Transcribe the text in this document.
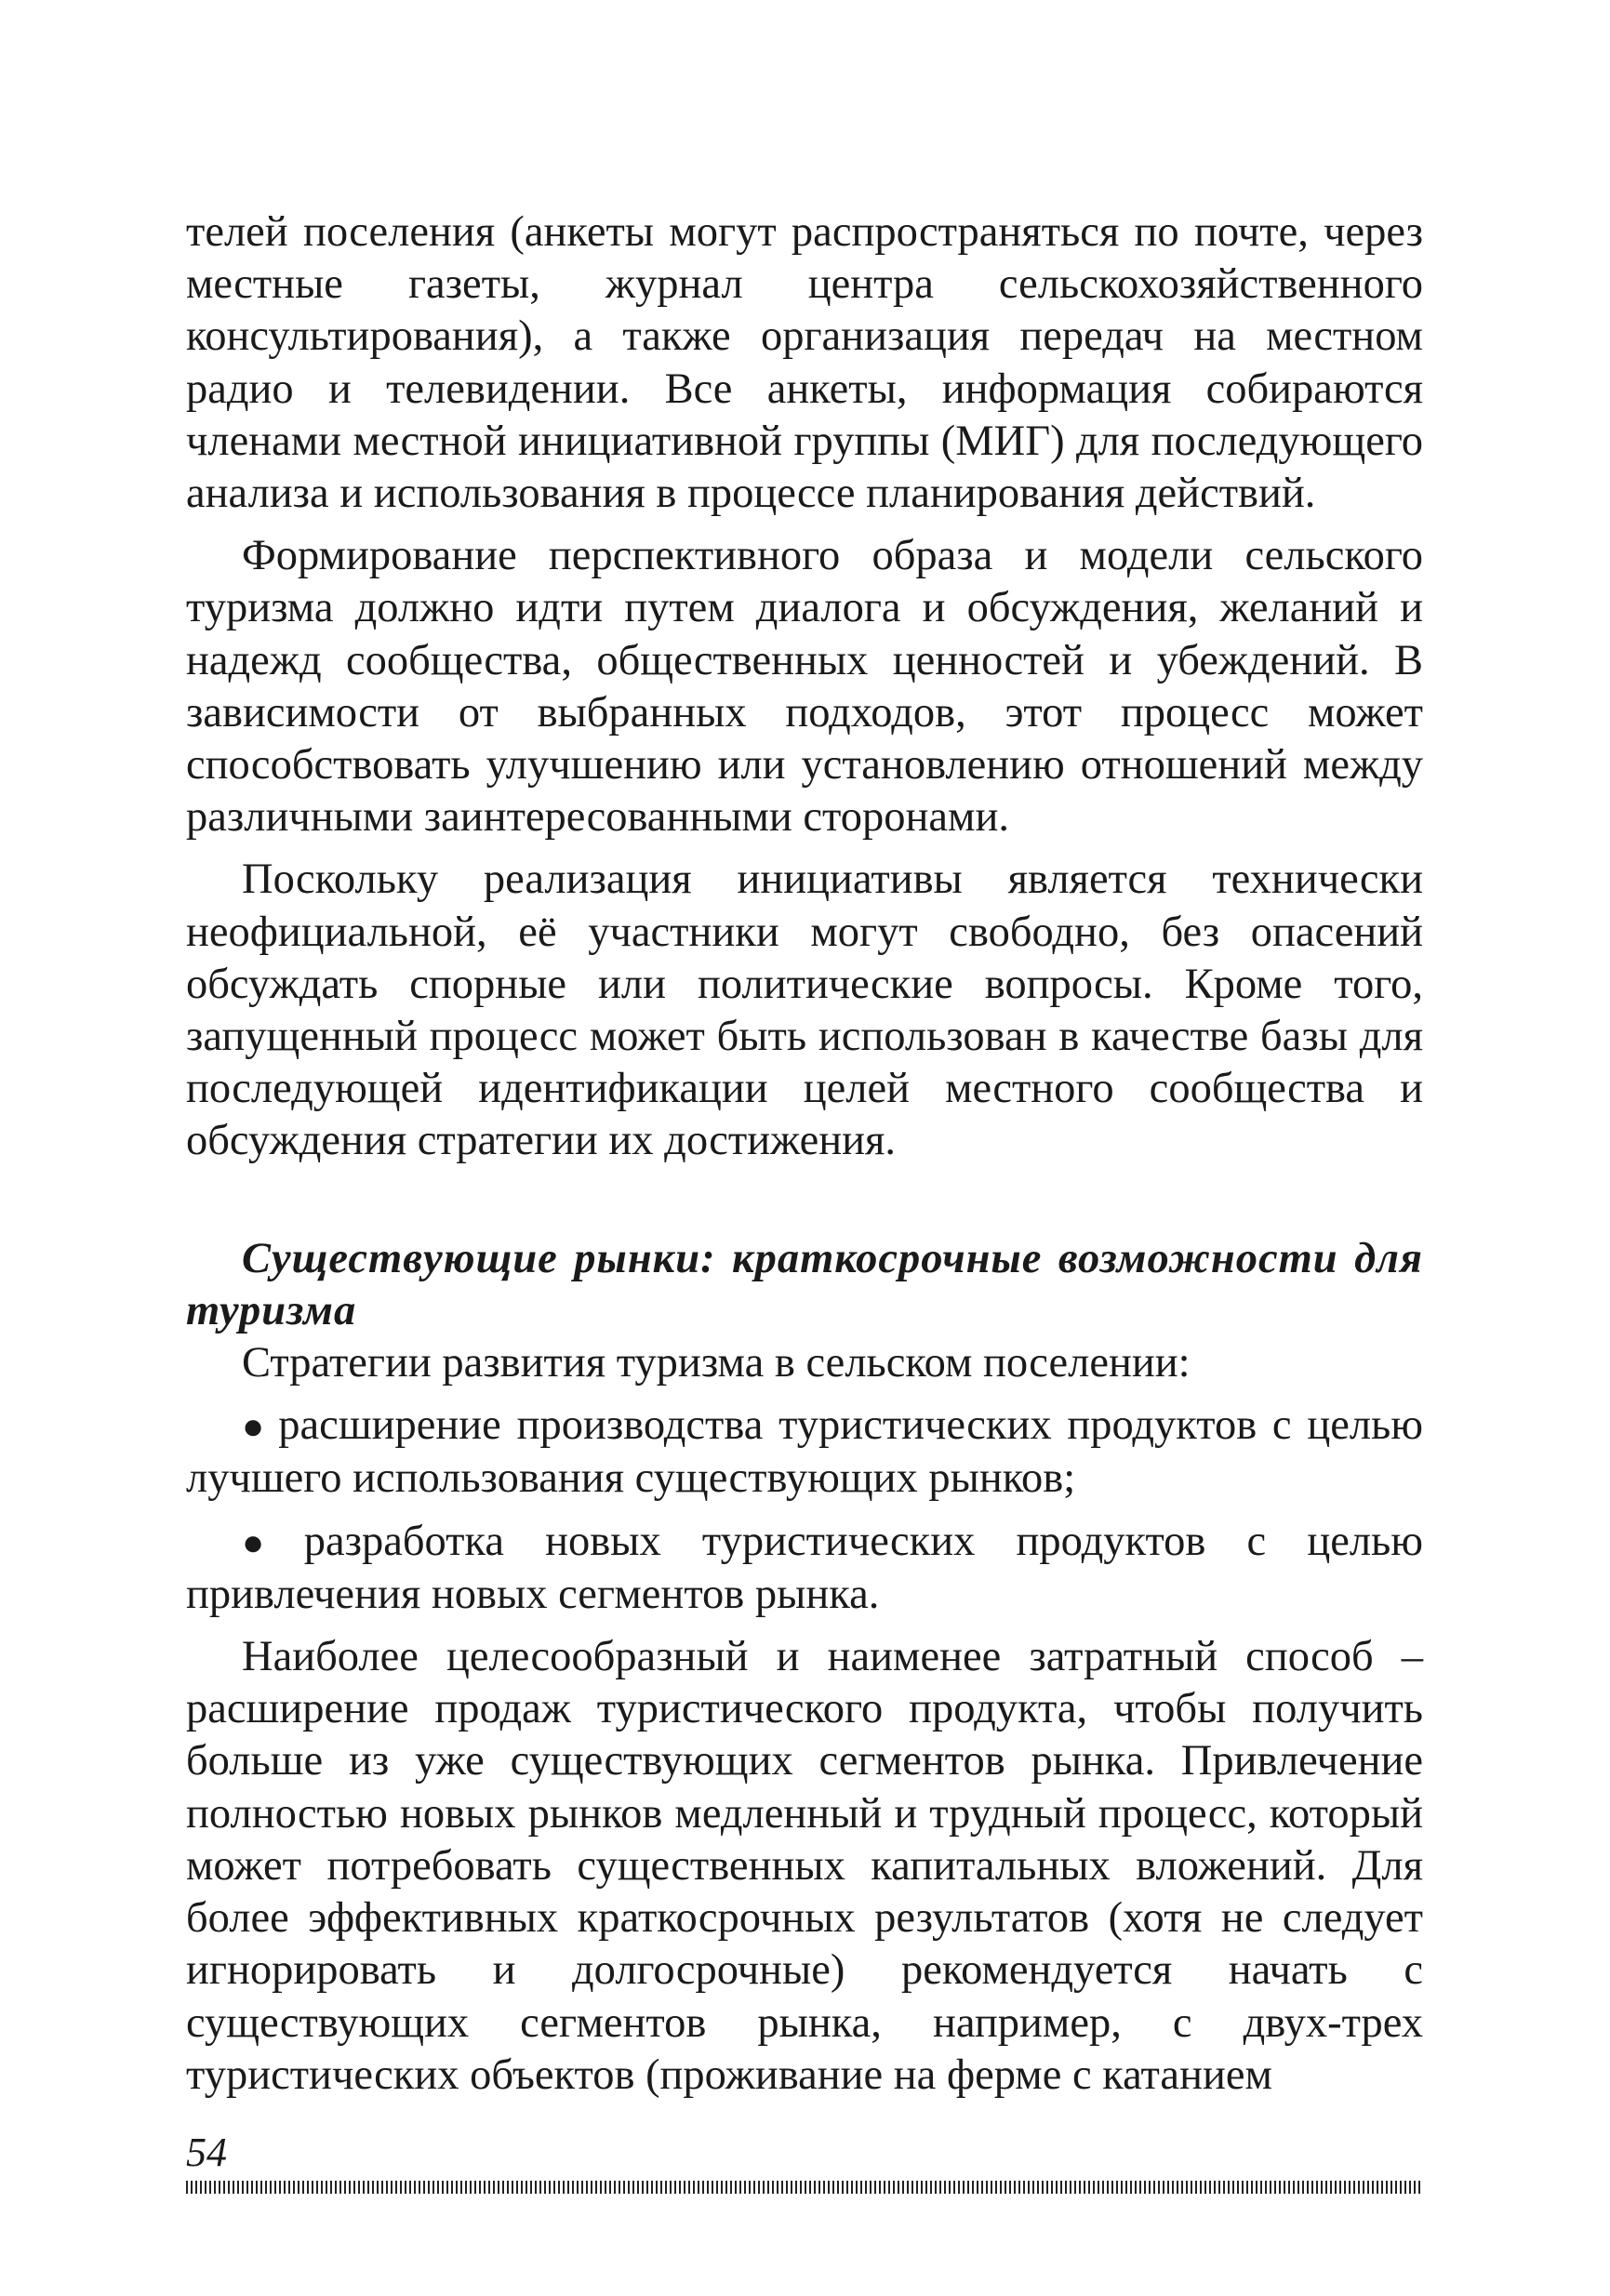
телей поселения (анкеты могут распространяться по почте, через местные газеты, журнал центра сельскохозяйственного консультирования), а также организация передач на местном радио и телевидении. Все анкеты, информация собираются членами местной инициативной группы (МИГ) для последующего анализа и использования в процессе планирования действий.

Формирование перспективного образа и модели сельского туризма должно идти путем диалога и обсуждения, желаний и надежд сообщества, общественных ценностей и убеждений. В зависимости от выбранных подходов, этот процесс может способствовать улучшению или установлению отношений между различными заинтересованными сторонами.

Поскольку реализация инициативы является технически неофициальной, её участники могут свободно, без опасений обсуждать спорные или политические вопросы. Кроме того, запущенный процесс может быть использован в качестве базы для последующей идентификации целей местного сообщества и обсуждения стратегии их достижения.

Существующие рынки: краткосрочные возможности для туризма

Стратегии развития туризма в сельском поселении:

● расширение производства туристических продуктов с целью лучшего использования существующих рынков;

● разработка новых туристических продуктов с целью привлечения новых сегментов рынка.

Наиболее целесообразный и наименее затратный способ – расширение продаж туристического продукта, чтобы получить больше из уже существующих сегментов рынка. Привлечение полностью новых рынков медленный и трудный процесс, который может потребовать существенных капитальных вложений. Для более эффективных краткосрочных результатов (хотя не следует игнорировать и долгосрочные) рекомендуется начать с существующих сегментов рынка, например, с двух-трех туристических объектов (проживание на ферме с катанием

54
